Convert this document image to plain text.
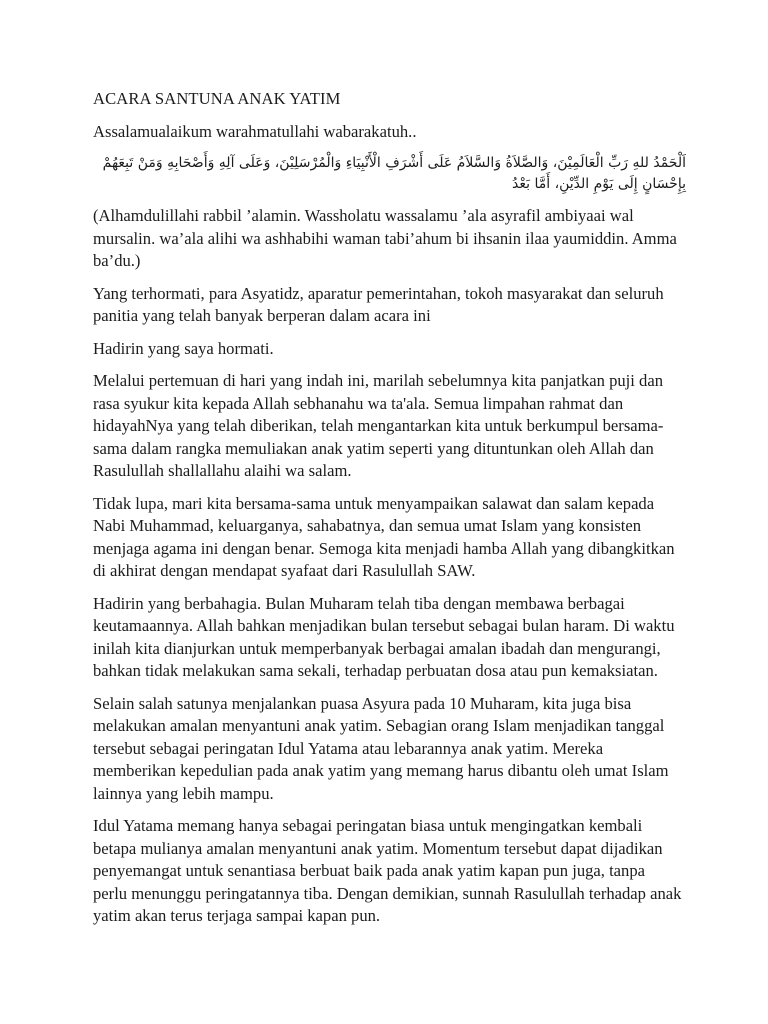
ACARA SANTUNA ANAK YATIM

Assalamualaikum warahmatullahi wabarakatuh..

اَلْحَمْدُ للهِ رَبِّ الْعَالَمِيْنَ، وَالصَّلاَةُ وَالسَّلاَمُ عَلَى أَشْرَفِ الْأَنْبِيَاءِ وَالْمُرْسَلِيْنَ، وَعَلَى آلِهِ وَأَصْحَابِهِ وَمَنْ تَبِعَهُمْ
بِإِحْسَانٍ إِلَى يَوْمِ الدِّيْنِ، أَمَّا بَعْدُ

(Alhamdulillahi rabbil ’alamin. Wassholatu wassalamu ’ala asyrafil ambiyaai wal mursalin. wa’ala alihi wa ashhabihi waman tabi’ahum bi ihsanin ilaa yaumiddin. Amma ba’du.)

Yang terhormati, para Asyatidz, aparatur pemerintahan, tokoh masyarakat dan seluruh panitia yang telah banyak berperan dalam acara ini

Hadirin yang saya hormati.

Melalui pertemuan di hari yang indah ini, marilah sebelumnya kita panjatkan puji dan rasa syukur kita kepada Allah sebhanahu wa ta'ala. Semua limpahan rahmat dan hidayahNya yang telah diberikan, telah mengantarkan kita untuk berkumpul bersama-sama dalam rangka memuliakan anak yatim seperti yang dituntunkan oleh Allah dan Rasulullah shallallahu alaihi wa salam.

Tidak lupa, mari kita bersama-sama untuk menyampaikan salawat dan salam kepada Nabi Muhammad, keluarganya, sahabatnya, dan semua umat Islam yang konsisten menjaga agama ini dengan benar. Semoga kita menjadi hamba Allah yang dibangkitkan di akhirat dengan mendapat syafaat dari Rasulullah SAW.

Hadirin yang berbahagia. Bulan Muharam telah tiba dengan membawa berbagai keutamaannya. Allah bahkan menjadikan bulan tersebut sebagai bulan haram. Di waktu inilah kita dianjurkan untuk memperbanyak berbagai amalan ibadah dan mengurangi, bahkan tidak melakukan sama sekali, terhadap perbuatan dosa atau pun kemaksiatan.

Selain salah satunya menjalankan puasa Asyura pada 10 Muharam, kita juga bisa melakukan amalan menyantuni anak yatim. Sebagian orang Islam menjadikan tanggal tersebut sebagai peringatan Idul Yatama atau lebarannya anak yatim. Mereka memberikan kepedulian pada anak yatim yang memang harus dibantu oleh umat Islam lainnya yang lebih mampu.

Idul Yatama memang hanya sebagai peringatan biasa untuk mengingatkan kembali betapa mulianya amalan menyantuni anak yatim. Momentum tersebut dapat dijadikan penyemangat untuk senantiasa berbuat baik pada anak yatim kapan pun juga, tanpa perlu menunggu peringatannya tiba. Dengan demikian, sunnah Rasulullah terhadap anak yatim akan terus terjaga sampai kapan pun.
